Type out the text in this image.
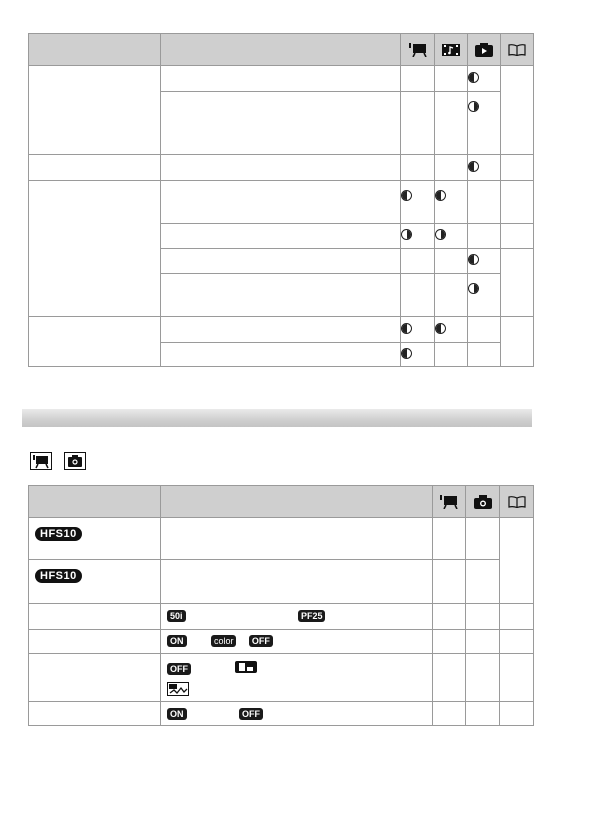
HFS10				
HFS10				
	50i PF25			
	ON color OFF			
	OFF

	ON OFF			
